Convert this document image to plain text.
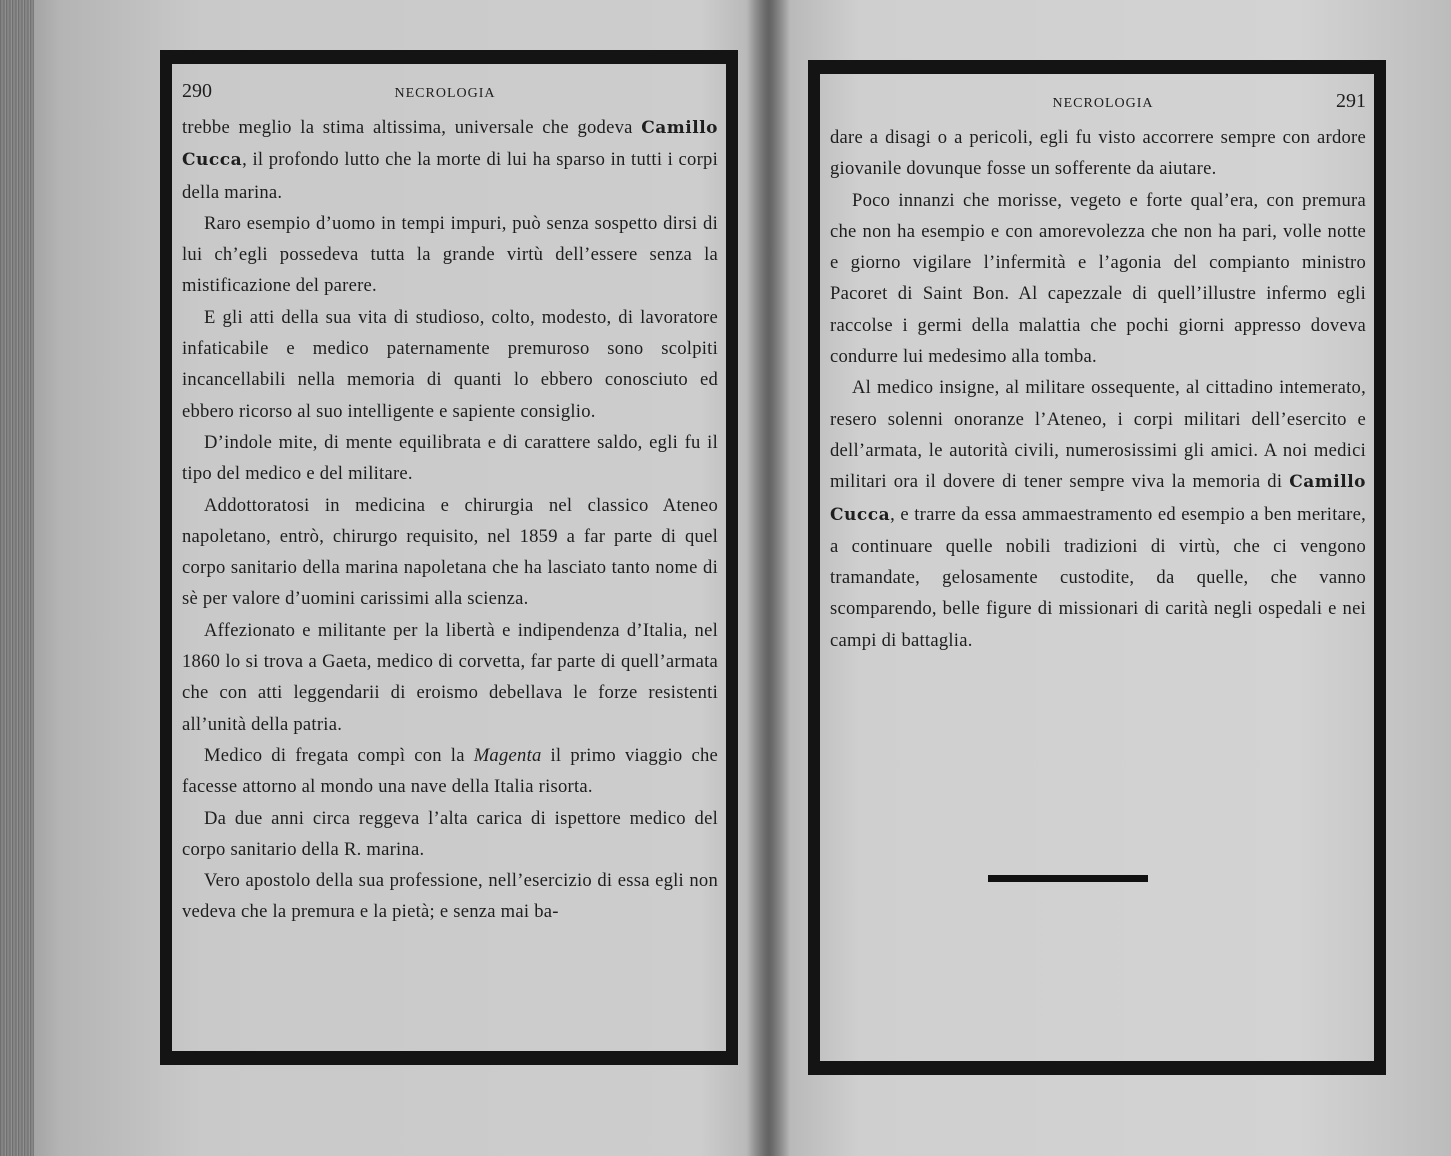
290	NECROLOGIA

trebbe meglio la stima altissima, universale che godeva Camillo Cucca, il profondo lutto che la morte di lui ha sparso in tutti i corpi della marina.

Raro esempio d’uomo in tempi impuri, può senza sospetto dirsi di lui ch’egli possedeva tutta la grande virtù dell’essere senza la mistificazione del parere.

E gli atti della sua vita di studioso, colto, modesto, di lavoratore infaticabile e medico paternamente premuroso sono scolpiti incancellabili nella memoria di quanti lo ebbero conosciuto ed ebbero ricorso al suo intelligente e sapiente consiglio.

D’indole mite, di mente equilibrata e di carattere saldo, egli fu il tipo del medico e del militare.

Addottoratosi in medicina e chirurgia nel classico Ateneo napoletano, entrò, chirurgo requisito, nel 1859 a far parte di quel corpo sanitario della marina napoletana che ha lasciato tanto nome di sè per valore d’uomini carissimi alla scienza.

Affezionato e militante per la libertà e indipendenza d’Italia, nel 1860 lo si trova a Gaeta, medico di corvetta, far parte di quell’armata che con atti leggendarii di eroismo debellava le forze resistenti all’unità della patria.

Medico di fregata compì con la Magenta il primo viaggio che facesse attorno al mondo una nave della Italia risorta.

Da due anni circa reggeva l’alta carica di ispettore medico del corpo sanitario della R. marina.

Vero apostolo della sua professione, nell’esercizio di essa egli non vedeva che la premura e la pietà; e senza mai ba-

NECROLOGIA	291

dare a disagi o a pericoli, egli fu visto accorrere sempre con ardore giovanile dovunque fosse un sofferente da aiutare.

Poco innanzi che morisse, vegeto e forte qual’era, con premura che non ha esempio e con amorevolezza che non ha pari, volle notte e giorno vigilare l’infermità e l’agonia del compianto ministro Pacoret di Saint Bon. Al capezzale di quell’illustre infermo egli raccolse i germi della malattia che pochi giorni appresso doveva condurre lui medesimo alla tomba.

Al medico insigne, al militare ossequente, al cittadino intemerato, resero solenni onoranze l’Ateneo, i corpi militari dell’esercito e dell’armata, le autorità civili, numerosissimi gli amici. A noi medici militari ora il dovere di tener sempre viva la memoria di Camillo Cucca, e trarre da essa ammaestramento ed esempio a ben meritare, a continuare quelle nobili tradizioni di virtù, che ci vengono tramandate, gelosamente custodite, da quelle, che vanno scomparendo, belle figure di missionari di carità negli ospedali e nei campi di battaglia.
